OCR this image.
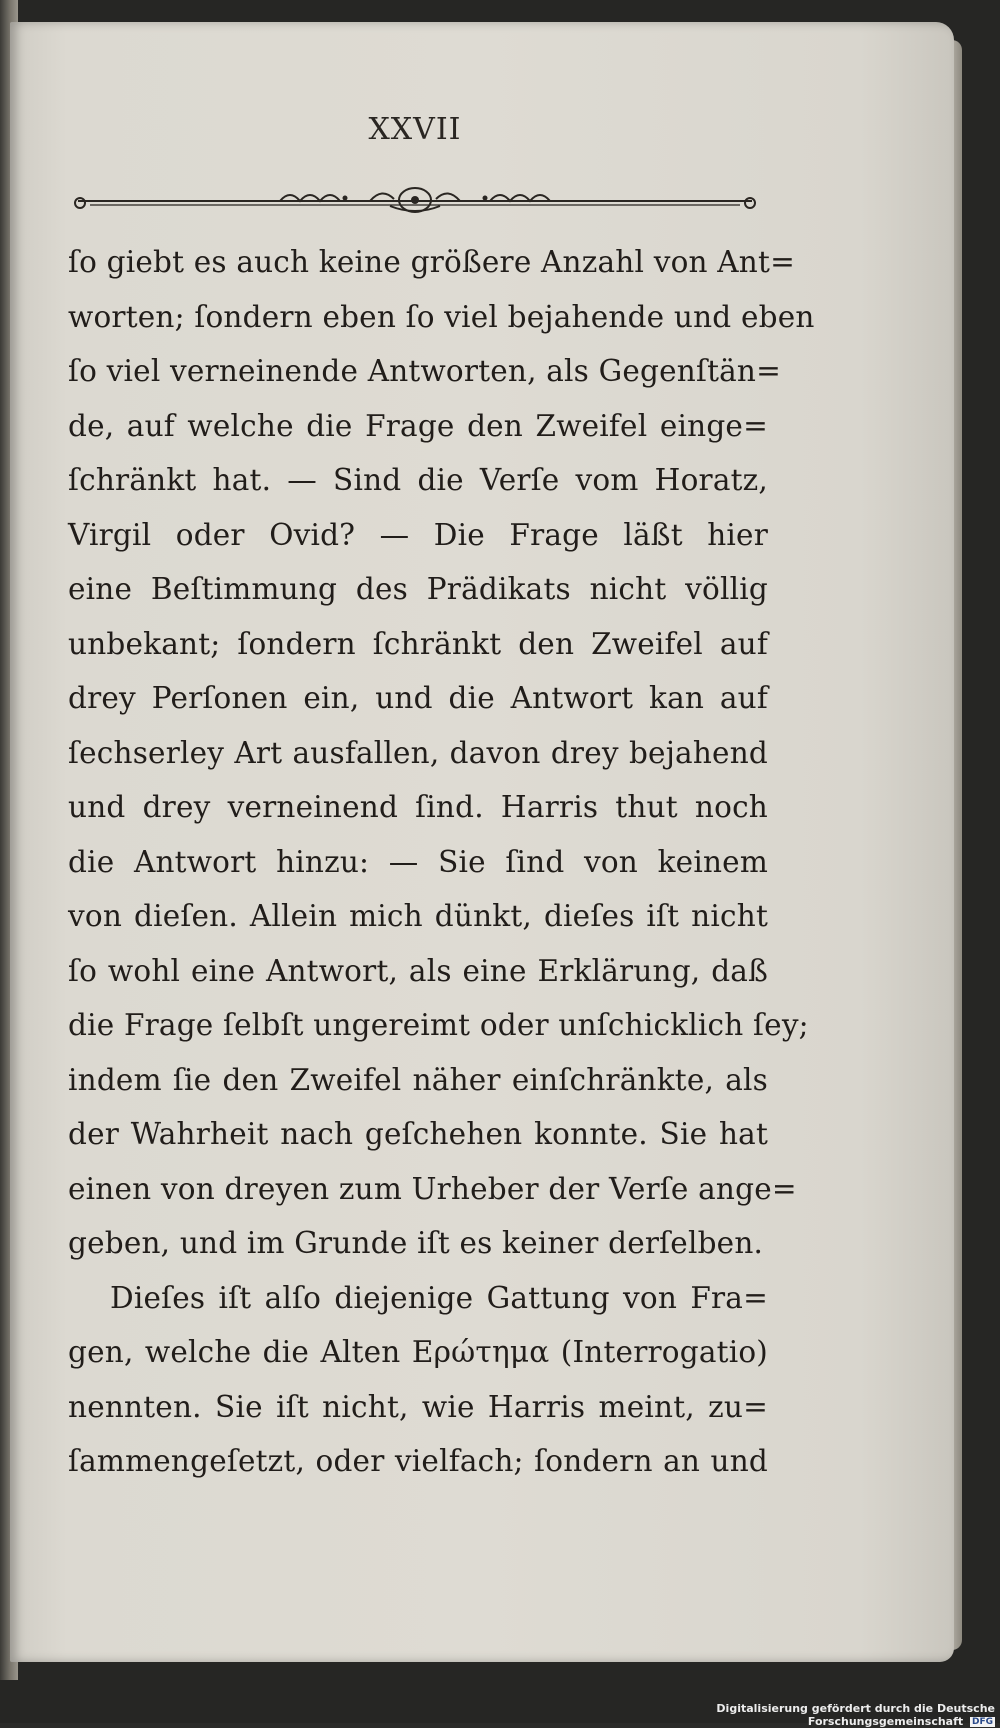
XXVII
ſo giebt es auch keine größere Anzahl von Ant=
worten; ſondern eben ſo viel bejahende und eben
ſo viel verneinende Antworten, als Gegenſtän=
de, auf welche die Frage den Zweifel einge=
ſchränkt hat. — Sind die Verſe vom Horatz,
Virgil oder Ovid? — Die Frage läßt hier
eine Beſtimmung des Prädikats nicht völlig
unbekant; ſondern ſchränkt den Zweifel auf
drey Perſonen ein, und die Antwort kan auf
ſechserley Art ausfallen, davon drey bejahend
und drey verneinend ſind. Harris thut noch
die Antwort hinzu: — Sie ſind von keinem
von dieſen. Allein mich dünkt, dieſes iſt nicht
ſo wohl eine Antwort, als eine Erklärung, daß
die Frage ſelbſt ungereimt oder unſchicklich ſey;
indem ſie den Zweifel näher einſchränkte, als
der Wahrheit nach geſchehen konnte. Sie hat
einen von dreyen zum Urheber der Verſe ange=
geben, und im Grunde iſt es keiner derſelben.
Dieſes iſt alſo diejenige Gattung von Fra=
gen, welche die Alten Ερώτημα (Interrogatio)
nennten. Sie iſt nicht, wie Harris meint, zu=
ſammengeſetzt, oder vielfach; ſondern an und
Digitalisierung gefördert durch die Deutsche Forschungsgemeinschaft DFG
